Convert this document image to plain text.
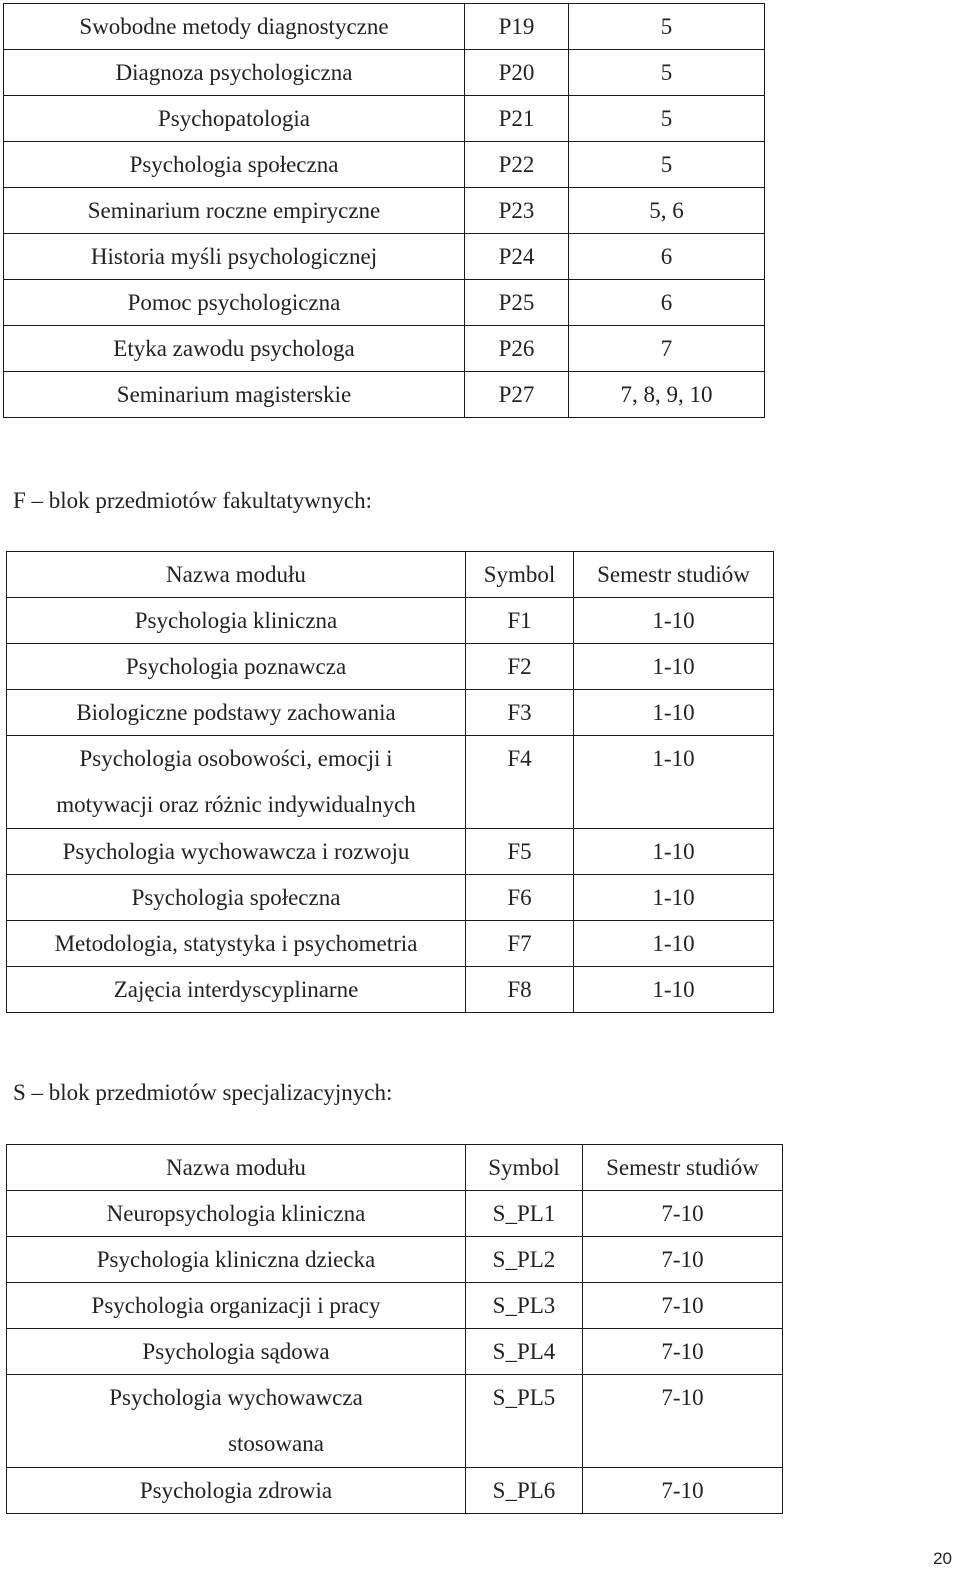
Swobodne metody diagnostyczne	P19	5
Diagnoza psychologiczna	P20	5
Psychopatologia	P21	5
Psychologia społeczna	P22	5
Seminarium roczne empiryczne	P23	5, 6
Historia myśli psychologicznej	P24	6
Pomoc psychologiczna	P25	6
Etyka zawodu psychologa	P26	7
Seminarium magisterskie	P27	7, 8, 9, 10

F – blok przedmiotów fakultatywnych:

Nazwa modułu	Symbol	Semestr studiów
Psychologia kliniczna	F1	1-10
Psychologia poznawcza	F2	1-10
Biologiczne podstawy zachowania	F3	1-10

Psychologia osobowości, emocji i
motywacji oraz różnic indywidualnych	F4	1-10
Psychologia wychowawcza i rozwoju	F5	1-10
Psychologia społeczna	F6	1-10
Metodologia, statystyka i psychometria	F7	1-10
Zajęcia interdyscyplinarne	F8	1-10

S – blok przedmiotów specjalizacyjnych:

Nazwa modułu	Symbol	Semestr studiów
Neuropsychologia kliniczna	S_PL1	7-10
Psychologia kliniczna dziecka	S_PL2	7-10
Psychologia organizacji i pracy	S_PL3	7-10
Psychologia sądowa	S_PL4	7-10

Psychologia wychowawcza
stosowana	S_PL5	7-10
Psychologia zdrowia	S_PL6	7-10
20
